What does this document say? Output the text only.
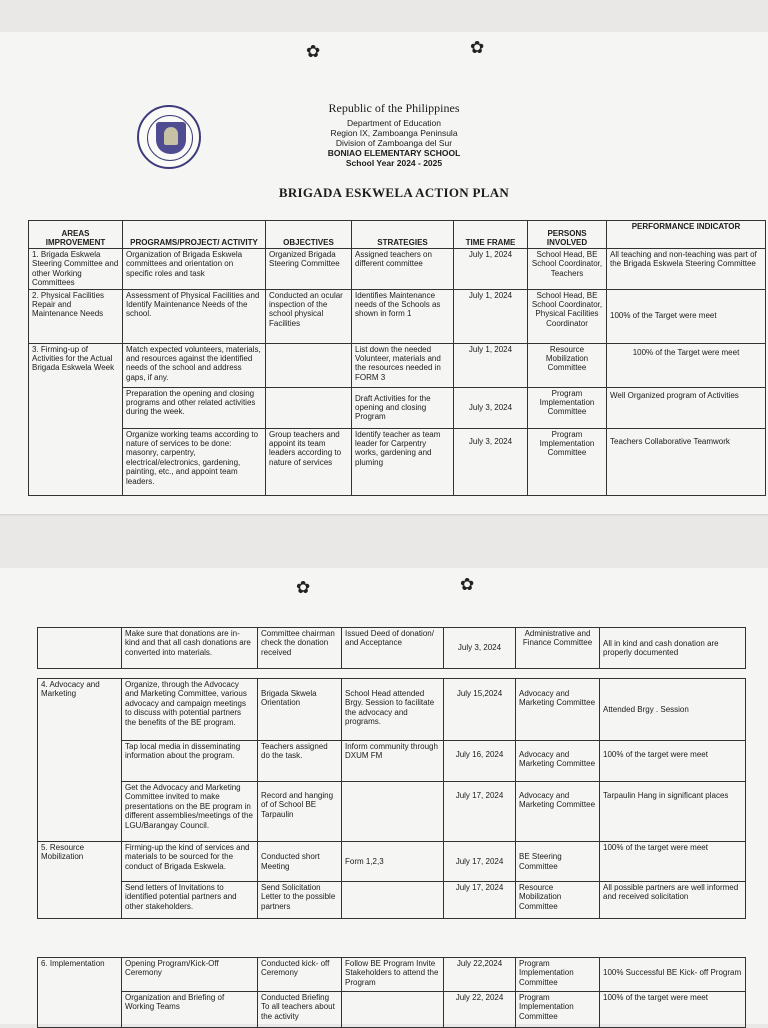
✿	✿
✿	✿
Republic of the Philippines
Department of Education
Region IX, Zamboanga Peninsula
Division of Zamboanga del Sur
BONIAO ELEMENTARY SCHOOL
School Year 2024 - 2025
BRIGADA ESKWELA ACTION PLAN
AREAS IMPROVEMENT	PROGRAMS/PROJECT/ ACTIVITY	OBJECTIVES	STRATEGIES	TIME FRAME	PERSONS INVOLVED	PERFORMANCE INDICATOR
1. Brigada Eskwela Steering Committee and other Working Committees	Organization of Brigada Eskwela committees and orientation on specific roles and task	Organized Brigada Steering Committee	Assigned teachers on different committee	July 1, 2024	School Head, BE School Coordinator, Teachers	All teaching and non-teaching was part of the Brigada Eskwela Steering Committee
2. Physical Facilities Repair and Maintenance Needs	Assessment of Physical Facilities and Identify Maintenance Needs of the school.	Conducted an ocular inspection of the school physical Facilities	Identifies Maintenance needs of the Schools as shown in form 1	July 1, 2024	School Head, BE School Coordinator, Physical Facilities Coordinator	100% of the Target were meet
3. Firming-up of Activities for the Actual Brigada Eskwela Week	Match expected volunteers, materials, and resources against the identified needs of the school and address gaps, if any.		List down the needed Volunteer, materials and the resources needed in FORM 3	July 1, 2024	Resource Mobilization Committee	100% of the Target were meet
	Preparation the opening and closing programs and other related activities during the week.		Draft Activities for the opening and closing Program	July 3, 2024	Program Implementation Committee	Well Organized program of Activities
	Organize working teams according to nature of services to be done: masonry, carpentry, electrical/electronics, gardening, painting, etc., and appoint team leaders.	Group teachers and appoint its team leaders according to nature of services	Identify teacher as team leader for Carpentry works, gardening and pluming	July 3, 2024	Program Implementation Committee	Teachers Collaborative Teamwork
	Make sure that donations are in-kind and that all cash donations are converted into materials.	Committee chairman check the donation received	Issued Deed of donation/ and Acceptance	July 3, 2024	Administrative and Finance Committee	All in kind and cash donation are properly documented
4. Advocacy and Marketing	Organize, through the Advocacy and Marketing Committee, various advocacy and campaign meetings to discuss with potential partners the benefits of the BE program.	Brigada Skwela Orientation	School Head attended Brgy. Session to facilitate the advocacy and programs.	July 15,2024	Advocacy and Marketing Committee	Attended Brgy . Session
	Tap local media in disseminating information about the program.	Teachers assigned do the task.	Inform community through DXUM FM	July 16, 2024	Advocacy and Marketing Committee	100% of the target were meet
	Get the Advocacy and Marketing Committee invited to make presentations on the BE program in different assemblies/meetings of the LGU/Barangay Council.	Record and hanging of of School BE Tarpaulin		July 17, 2024	Advocacy and Marketing Committee	Tarpaulin Hang in significant places
5. Resource Mobilization	Firming-up the kind of services and materials to be sourced for the conduct of Brigada Eskwela.	Conducted short Meeting	Form 1,2,3	July 17, 2024	BE Steering Committee	100% of the target were meet
	Send letters of Invitations to identified potential partners and other stakeholders.	Send Solicitation Letter to the possible partners		July 17, 2024	Resource Mobilization Committee	All possible partners are well informed and received solicitation
6. Implementation	Opening Program/Kick-Off Ceremony	Conducted kick- off Ceremony	Follow BE Program Invite Stakeholders to attend the Program	July 22,2024	Program Implementation Committee	100% Successful BE Kick- off Program
	Organization and Briefing of Working Teams	Conducted Briefing To all teachers about the activity		July 22, 2024	Program Implementation Committee	100% of the target were meet
